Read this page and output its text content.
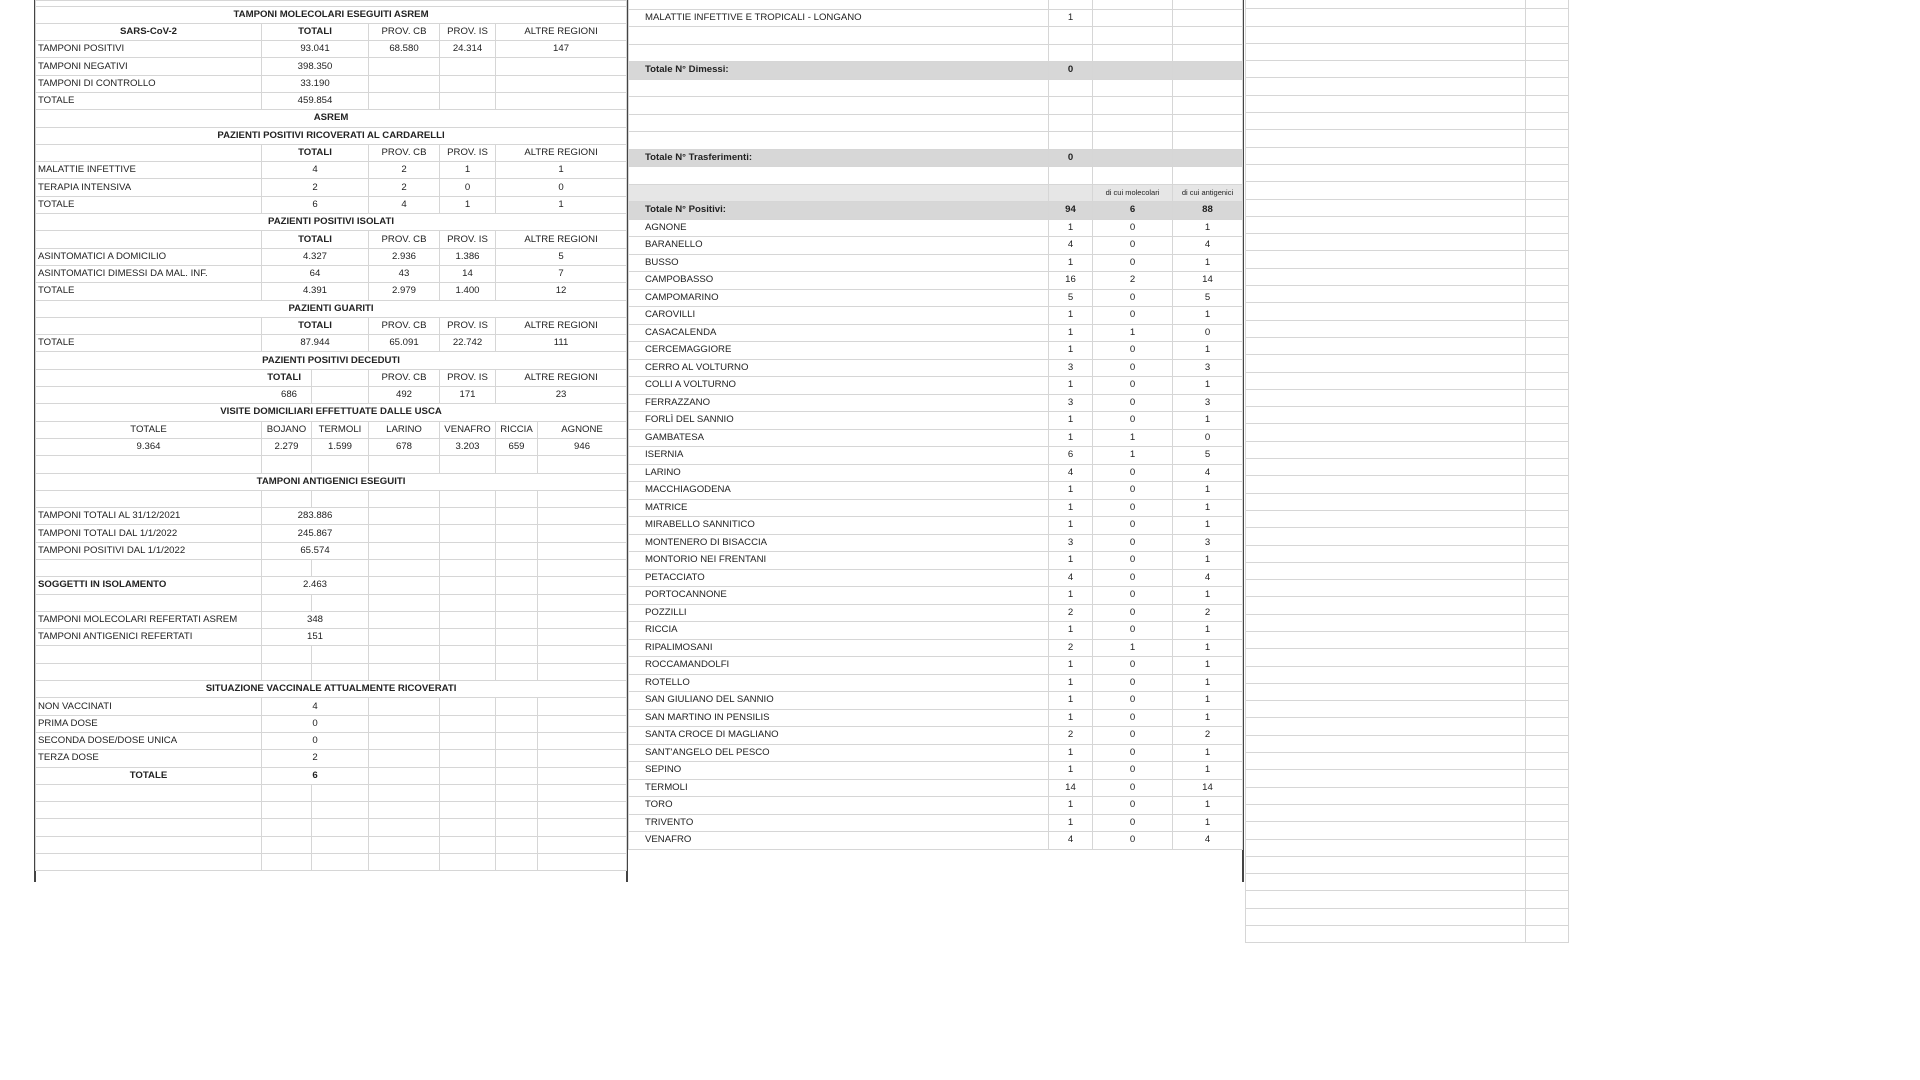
TAMPONI MOLECOLARI ESEGUITI ASREM						
SARS-CoV-2	TOTALI		PROV. CB	PROV. IS	ALTRE REGIONI	
TAMPONI POSITIVI	93.041		68.580	24.314	147	
TAMPONI NEGATIVI	398.350					
TAMPONI DI CONTROLLO	33.190					
TOTALE	459.854					
ASREM						
PAZIENTI POSITIVI RICOVERATI AL CARDARELLI						
	TOTALI		PROV. CB	PROV. IS	ALTRE REGIONI	
MALATTIE INFETTIVE	4		2	1	1	
TERAPIA INTENSIVA	2		2	0	0	
TOTALE	6		4	1	1	
PAZIENTI POSITIVI ISOLATI						
	TOTALI		PROV. CB	PROV. IS	ALTRE REGIONI	
ASINTOMATICI A DOMICILIO	4.327		2.936	1.386	5	
ASINTOMATICI DIMESSI DA MAL. INF.	64		43	14	7	
TOTALE	4.391		2.979	1.400	12	
PAZIENTI GUARITI						
	TOTALI		PROV. CB	PROV. IS	ALTRE REGIONI	
TOTALE	87.944		65.091	22.742	111	
PAZIENTI POSITIVI DECEDUTI						
TOTALI			PROV. CB	PROV. IS	ALTRE REGIONI	
686			492	171	23	
VISITE DOMICILIARI EFFETTUATE DALLE USCA						
TOTALE	BOJANO	TERMOLI	LARINO	VENAFRO	RICCIA	AGNONE
9.364	2.279	1.599	678	3.203	659	946

TAMPONI ANTIGENICI ESEGUITI						

TAMPONI TOTALI AL 31/12/2021	283.886					
TAMPONI TOTALI DAL 1/1/2022	245.867					
TAMPONI POSITIVI DAL 1/1/2022	65.574					

SOGGETTI IN ISOLAMENTO	2.463					

TAMPONI MOLECOLARI REFERTATI ASREM	348					
TAMPONI ANTIGENICI REFERTATI	151					

SITUAZIONE VACCINALE ATTUALMENTE RICOVERATI						
NON VACCINATI	4					
PRIMA DOSE	0					
SECONDA DOSE/DOSE UNICA	0					
TERZA DOSE	2					
TOTALE	6					

MALATTIE INFETTIVE E TROPICALI - LONGANO	1		

Totale N° Dimessi:	0		

Totale N° Trasferimenti:	0		

		di cui molecolari	di cui antigenici
Totale N° Positivi:	94	6	88
AGNONE	1	0	1
BARANELLO	4	0	4
BUSSO	1	0	1
CAMPOBASSO	16	2	14
CAMPOMARINO	5	0	5
CAROVILLI	1	0	1
CASACALENDA	1	1	0
CERCEMAGGIORE	1	0	1
CERRO AL VOLTURNO	3	0	3
COLLI A VOLTURNO	1	0	1
FERRAZZANO	3	0	3
FORLÌ DEL SANNIO	1	0	1
GAMBATESA	1	1	0
ISERNIA	6	1	5
LARINO	4	0	4
MACCHIAGODENA	1	0	1
MATRICE	1	0	1
MIRABELLO SANNITICO	1	0	1
MONTENERO DI BISACCIA	3	0	3
MONTORIO NEI FRENTANI	1	0	1
PETACCIATO	4	0	4
PORTOCANNONE	1	0	1
POZZILLI	2	0	2
RICCIA	1	0	1
RIPALIMOSANI	2	1	1
ROCCAMANDOLFI	1	0	1
ROTELLO	1	0	1
SAN GIULIANO DEL SANNIO	1	0	1
SAN MARTINO IN PENSILIS	1	0	1
SANTA CROCE DI MAGLIANO	2	0	2
SANT'ANGELO DEL PESCO	1	0	1
SEPINO	1	0	1
TERMOLI	14	0	14
TORO	1	0	1
TRIVENTO	1	0	1
VENAFRO	4	0	4
